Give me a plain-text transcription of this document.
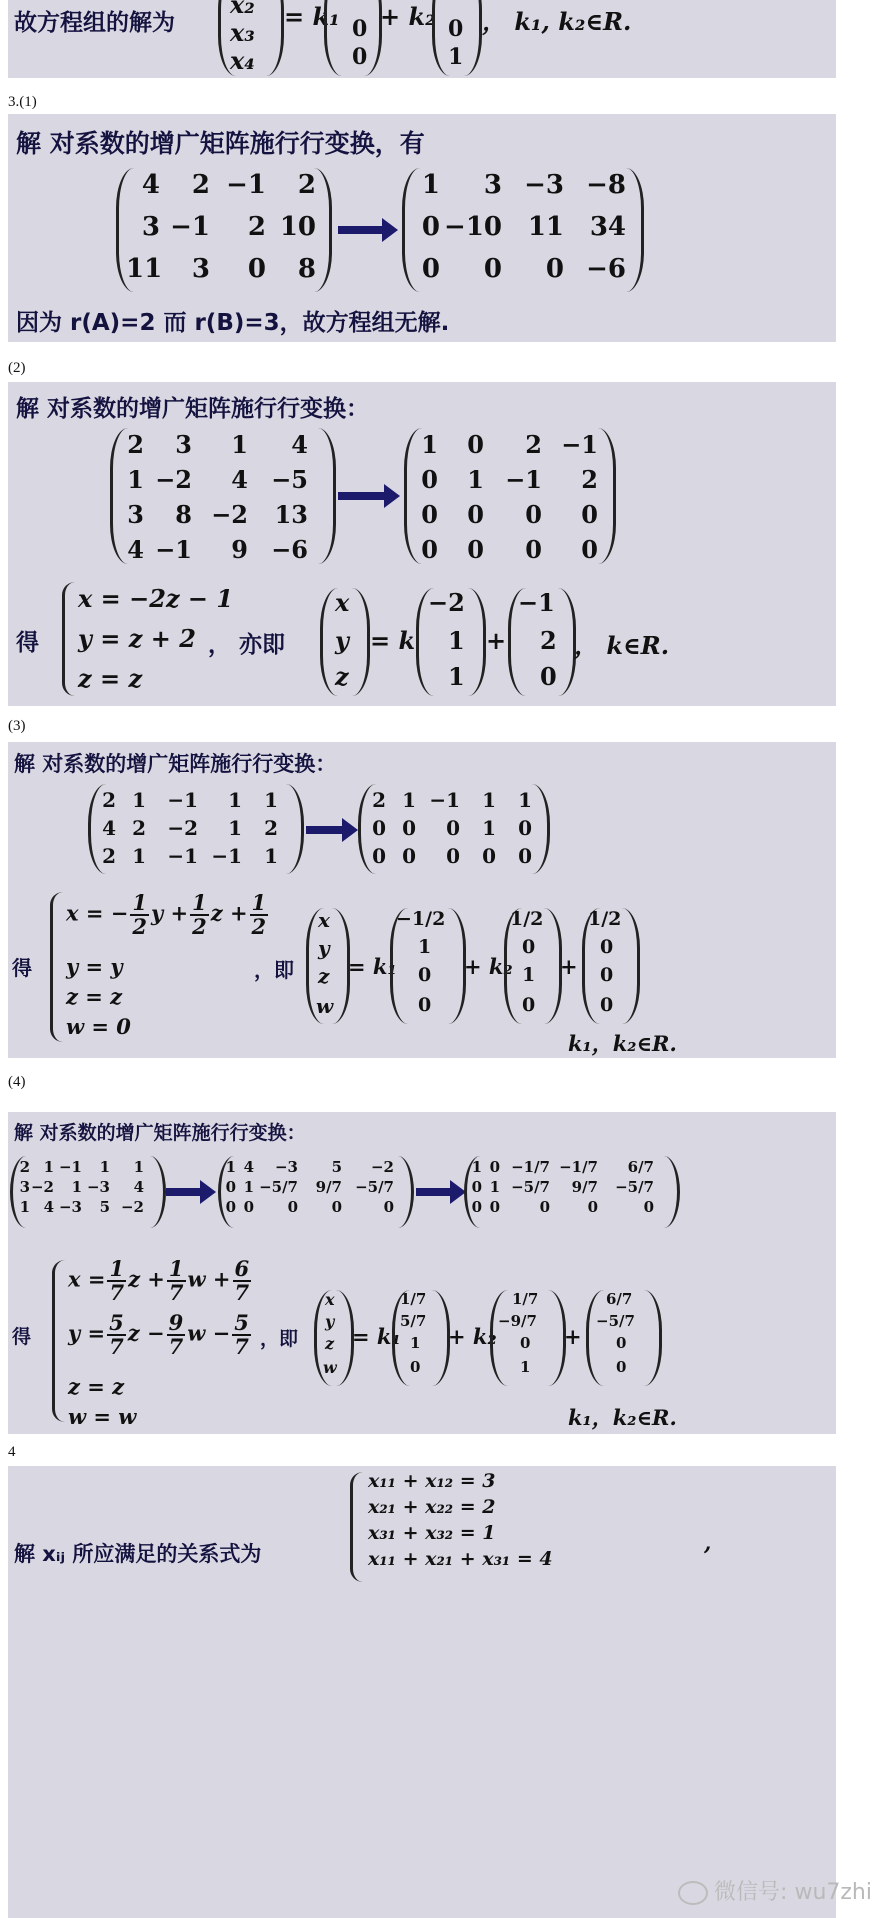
故方程组的解为
x₂
x₃
x₄
= k₁ 0
0
+ k₂ 0
1
， k₁, k₂∈R.
3.(1)
解 对系数的增广矩阵施行行变换，有
4	2 −1	2
3 −1	2 10
11	3	0	8
1	3 −3 −8
0 −10 11 34
0	0	0 −6
因为 r(A)=2 而 r(B)=3，故方程组无解.
(2)
解 对系数的增广矩阵施行行变换：
2	3	1	4
1 −2	4 −5
3	8 −2	13
4 −1	9 −6
1	0	2 −1
0	1 −1	2
0	0	0	0
0	0	0	0
得
x = −2z − 1
y = z + 2
z = z
， 亦即
x
y
z
= k
−2
1
1
+
−1
2
0
， k∈R.
(3)
解 对系数的增广矩阵施行行变换：
2 1	−1	1	1
4 2	−2	1	2
2 1	−1 −1	1
2 1 −1	1	1
0 0	0	1	0
0 0	0	0	0
得
x = − $\frac{1}{2}$ $y + \frac{1}{2}$ $z + \frac{1}{2}$
y = y
z = z
w = 0
，即
x
y
z
w
= k₁
−1/2
1
0
0
+ k₂
1/2
0
1
0
+
1/2
0
0
0
k₁，k₂∈R.
(4)
解 对系数的增广矩阵施行行变换：
2 1 −1	1	1
3 −2	1 −3	4
1 4 −3	5 −2
1 4	−3	5	−2
0 1 −5/7	9/7 −5/7
0 0	0	0	0
1 0 −1/7 −1/7	6/7
0 1 −5/7	9/7	−5/7
0 0	0	0	0
得
$x = \frac{1}{7}$ $z + \frac{1}{7}$ $w + \frac{6}{7}$
$y = \frac{5}{7}$ $z - \frac{9}{7}$ $w - \frac{5}{7}$
z = z
w = w
，即
x
y
z
w
= k₁
1/7
5/7
1
0
+ k₂
1/7
−9/7
0
1
+
6/7
−5/7
0
0
k₁，k₂∈R.
4
解 xᵢⱼ 所应满足的关系式为
x₁₁ + x₁₂ = 3
x₂₁ + x₂₂ = 2
x₃₁ + x₃₂ = 1
x₁₁ + x₂₁ + x₃₁ = 4
,
微信号: wu7zhi
